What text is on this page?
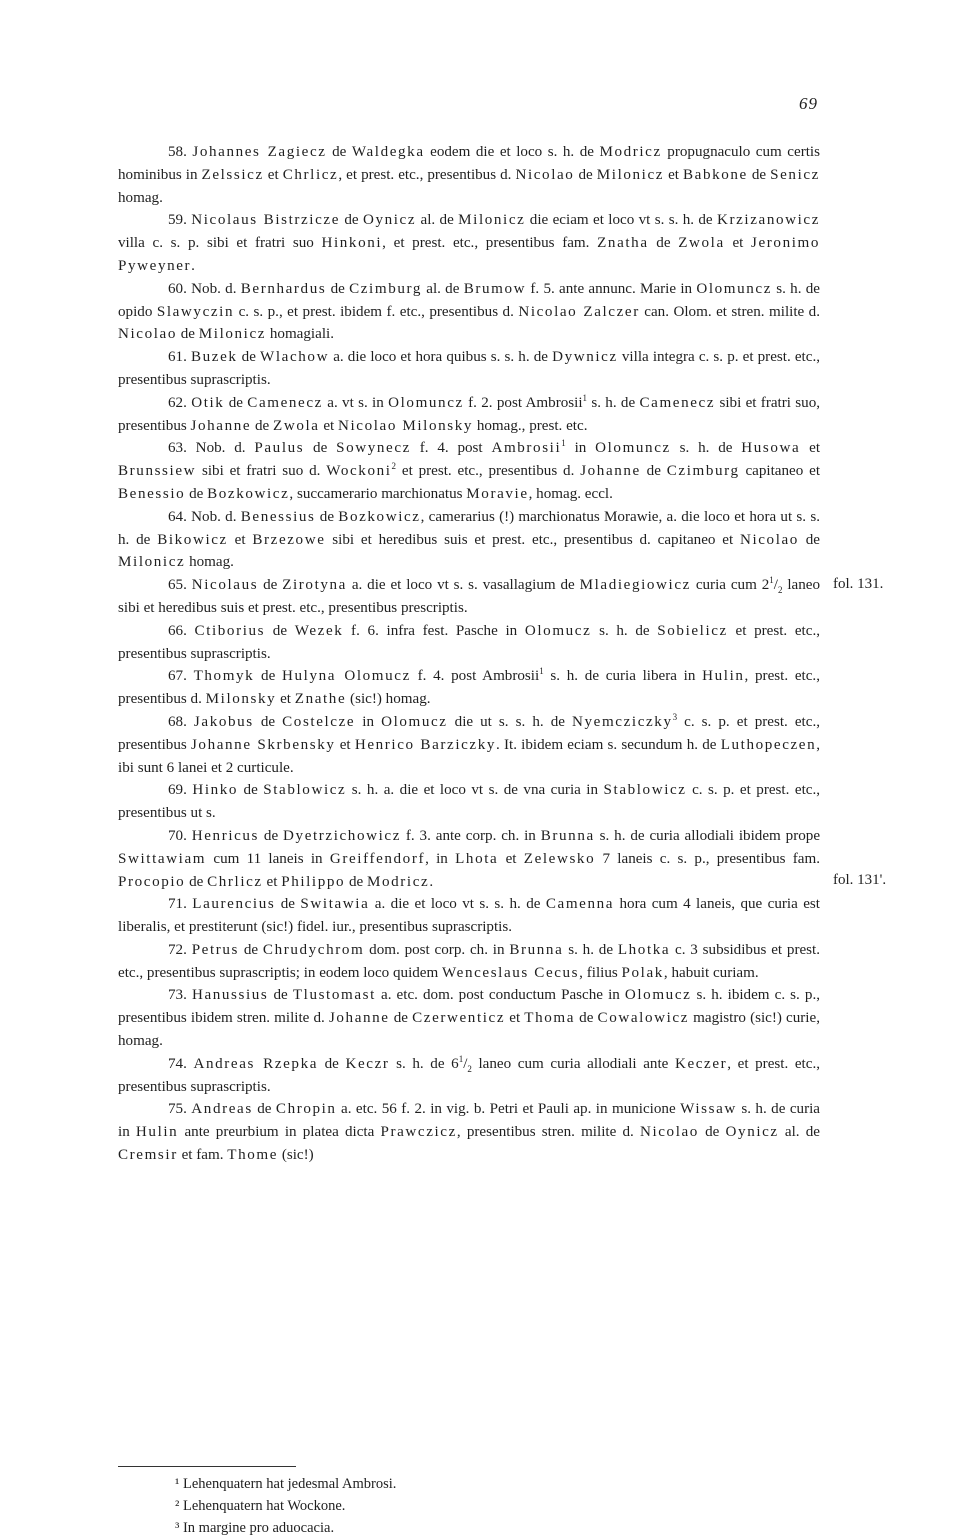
69

58. Johannes Zagiecz de Waldegka eodem die et loco s. h. de Modricz propugnaculo cum certis hominibus in Zelssicz et Chrlicz, et prest. etc., presentibus d. Nicolao de Milonicz et Babkone de Senicz homag.

59. Nicolaus Bistrzicze de Oynicz al. de Milonicz die eciam et loco vt s. s. h. de Krzizanowicz villa c. s. p. sibi et fratri suo Hinkoni, et prest. etc., presentibus fam. Znatha de Zwola et Jeronimo Pyweyner.

60. Nob. d. Bernhardus de Czimburg al. de Brumow f. 5. ante annunc. Marie in Olomuncz s. h. de opido Slawyczin c. s. p., et prest. ibidem f. etc., presentibus d. Nicolao Zalczer can. Olom. et stren. milite d. Nicolao de Milonicz homagiali.

61. Buzek de Wlachow a. die loco et hora quibus s. s. h. de Dywnicz villa integra c. s. p. et prest. etc., presentibus suprascriptis.

62. Otik de Camenecz a. vt s. in Olomuncz f. 2. post Ambrosii$^1$ s. h. de Camenecz sibi et fratri suo, presentibus Johanne de Zwola et Nicolao Milonsky homag., prest. etc.

63. Nob. d. Paulus de Sowynecz f. 4. post Ambrosii$^1$ in Olomuncz s. h. de Husowa et Brunssiew sibi et fratri suo d. Wockoni$^2$ et prest. etc., presentibus d. Johanne de Czimburg capitaneo et Benessio de Bozkowicz, succamerario marchionatus Moravie, homag. eccl.

64. Nob. d. Benessius de Bozkowicz, camerarius (!) marchionatus Morawie, a. die loco et hora ut s. s. h. de Bikowicz et Brzezowe sibi et heredibus suis et prest. etc., presentibus d. capitaneo et Nicolao de Milonicz homag.

65. Nicolaus de Zirotyna a. die et loco vt s. s. vasallagium de Mladiegiowicz curia cum $2^1/_2$ laneo sibi et heredibus suis et prest. etc., presentibus prescriptis.

66. Ctiborius de Wezek f. 6. infra fest. Pasche in Olomucz s. h. de Sobielicz et prest. etc., presentibus suprascriptis.

67. Thomyk de Hulyna Olomucz f. 4. post Ambrosii$^1$ s. h. de curia libera in Hulin, prest. etc., presentibus d. Milonsky et Znathe (sic!) homag.

68. Jakobus de Costelcze in Olomucz die ut s. s. h. de Nyemcziczky$^3$ c. s. p. et prest. etc., presentibus Johanne Skrbensky et Henrico Barziczky. It. ibidem eciam s. secundum h. de Luthopeczen, ibi sunt 6 lanei et 2 curticule.

69. Hinko de Stablowicz s. h. a. die et loco vt s. de vna curia in Stablowicz c. s. p. et prest. etc., presentibus ut s.

70. Henricus de Dyetrzichowicz f. 3. ante corp. ch. in Brunna s. h. de curia allodiali ibidem prope Swittawiam cum 11 laneis in Greiffendorf, in Lhota et Zelewsko 7 laneis c. s. p., presentibus fam. Procopio de Chrlicz et Philippo de Modricz.

71. Laurencius de Switawia a. die et loco vt s. s. h. de Camenna hora cum 4 laneis, que curia est liberalis, et prestiterunt (sic!) fidel. iur., presentibus suprascriptis.

72. Petrus de Chrudychrom dom. post corp. ch. in Brunna s. h. de Lhotka c. 3 subsidibus et prest. etc., presentibus suprascriptis; in eodem loco quidem Wenceslaus Cecus, filius Polak, habuit curiam.

73. Hanussius de Tlustomast a. etc. dom. post conductum Pasche in Olomucz s. h. ibidem c. s. p., presentibus ibidem stren. milite d. Johanne de Czerwenticz et Thoma de Cowalowicz magistro (sic!) curie, homag.

74. Andreas Rzepka de Keczr s. h. de $6^1/_2$ laneo cum curia allodiali ante Keczer, et prest. etc., presentibus suprascriptis.

75. Andreas de Chropin a. etc. 56 f. 2. in vig. b. Petri et Pauli ap. in municione Wissaw s. h. de curia in Hulin ante preurbium in platea dicta Prawczicz, presentibus stren. milite d. Nicolao de Oynicz al. de Cremsir et fam. Thome (sic!)

fol. 131.
fol. 131'.

¹ Lehenquatern hat jedesmal Ambrosi.

² Lehenquatern hat Wockone.

³ In margine pro aduocacia.
